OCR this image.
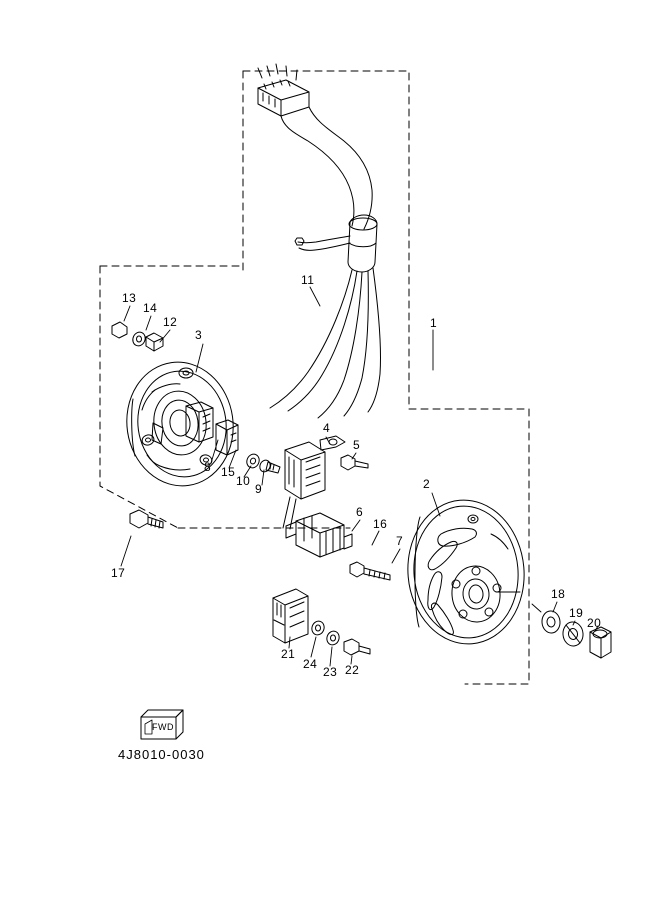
1
2
3
4
5
6
7
8
9
10
11
12
13
14
15
16
17
18
19
20
21
22
23
24
FWD
4J8010-0030
